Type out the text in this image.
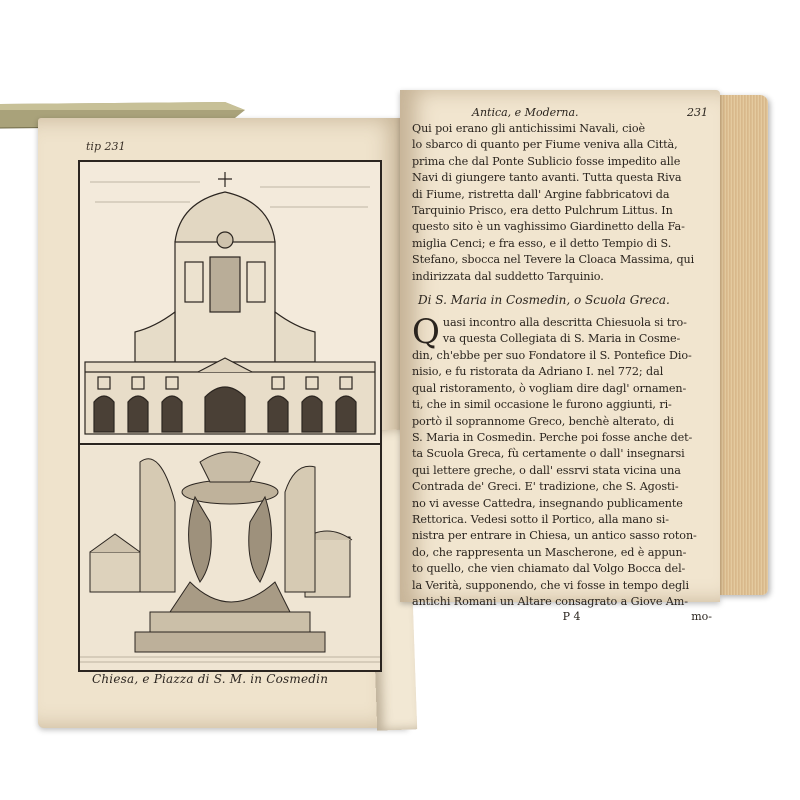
tip 231
Chiesa, e Piazza di S. M. in Cosmedin
Antica, e Moderna.	231
Qui poi erano gli antichissimi Navali, cioè
lo sbarco di quanto per Fiume veniva alla Città,
prima che dal Ponte Sublicio fosse impedito alle
Navi di giungere tanto avanti. Tutta questa Riva
di Fiume, ristretta dall' Argine fabbricatovi da
Tarquinio Prisco, era detto Pulchrum Littus. In
questo sito è un vaghissimo Giardinetto della Fa-
miglia Cenci; e fra esso, e il detto Tempio di S.
Stefano, sbocca nel Tevere la Cloaca Massima, qui
indirizzata dal suddetto Tarquinio.
Di S. Maria in Cosmedin, o Scuola Greca.
Q uasi incontro alla descritta Chiesuola si tro-
va questa Collegiata di S. Maria in Cosme-
din, ch'ebbe per suo Fondatore il S. Pontefice Dio-
nisio, e fu ristorata da Adriano I. nel 772; dal
qual ristoramento, ò vogliam dire dagl' ornamen-
ti, che in simil occasione le furono aggiunti, ri-
portò il soprannome Greco, benchè alterato, di
S. Maria in Cosmedin. Perche poi fosse anche det-
ta Scuola Greca, fù certamente o dall' insegnarsi
qui lettere greche, o dall' essrvi stata vicina una
Contrada de' Greci. E' tradizione, che S. Agosti-
no vi avesse Cattedra, insegnando publicamente
Rettorica. Vedesi sotto il Portico, alla mano si-
nistra per entrare in Chiesa, un antico sasso roton-
do, che rappresenta un Mascherone, ed è appun-
to quello, che vien chiamato dal Volgo Bocca del-
la Verità, supponendo, che vi fosse in tempo degli
antichi Romani un Altare consagrato a Giove Am-
P 4	mo-
